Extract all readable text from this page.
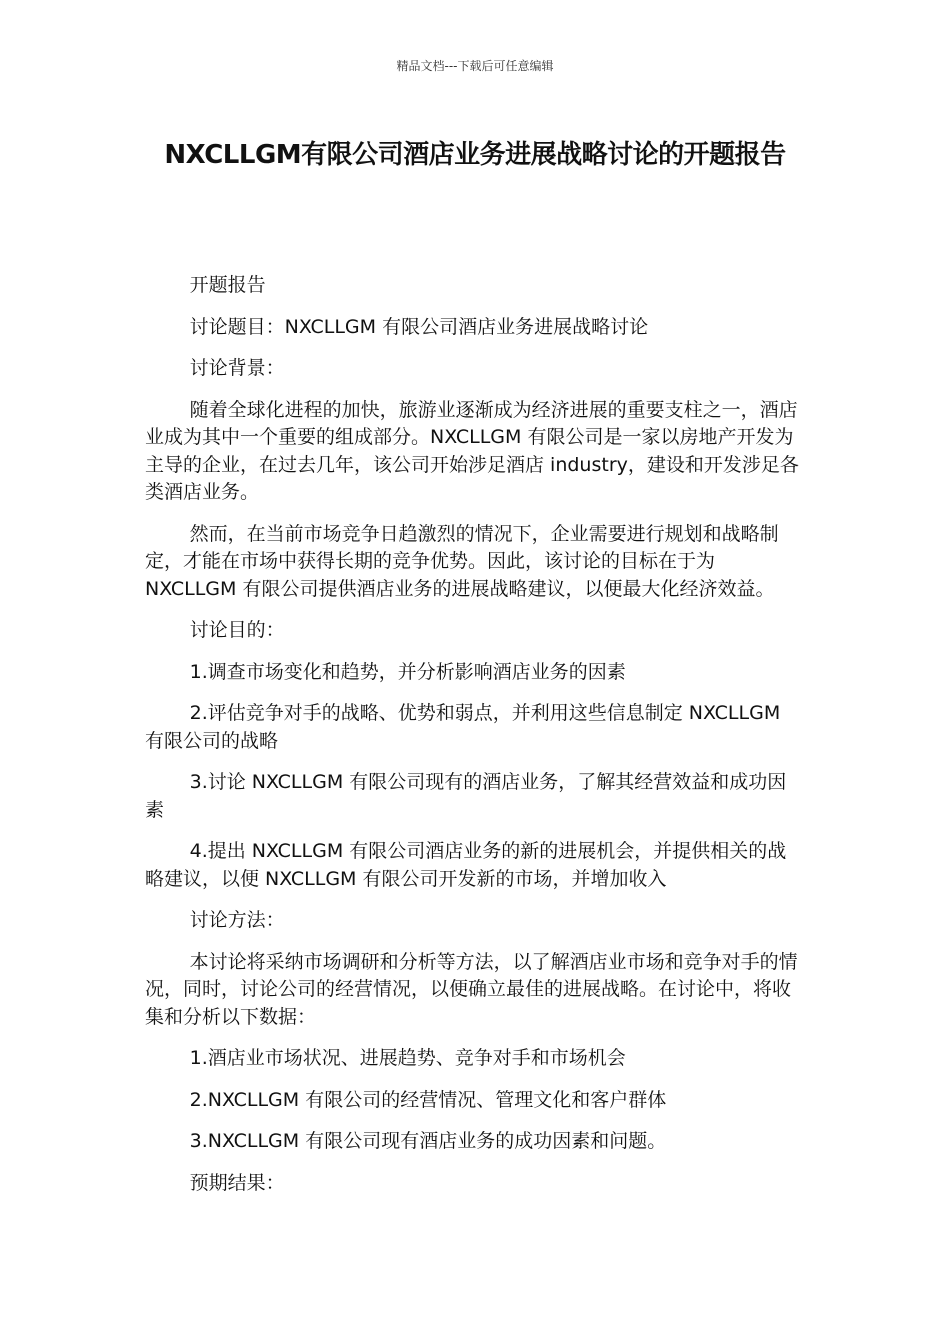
精品文档---下载后可任意编辑
NXCLLGM有限公司酒店业务进展战略讨论的开题报告

开题报告

讨论题目：NXCLLGM 有限公司酒店业务进展战略讨论

讨论背景：

随着全球化进程的加快，旅游业逐渐成为经济进展的重要支柱之一，酒店业成为其中一个重要的组成部分。NXCLLGM 有限公司是一家以房地产开发为主导的企业，在过去几年，该公司开始涉足酒店 industry，建设和开发涉足各类酒店业务。

然而，在当前市场竞争日趋激烈的情况下，企业需要进行规划和战略制定，才能在市场中获得长期的竞争优势。因此，该讨论的目标在于为 NXCLLGM 有限公司提供酒店业务的进展战略建议，以便最大化经济效益。

讨论目的：

1.调查市场变化和趋势，并分析影响酒店业务的因素

2.评估竞争对手的战略、优势和弱点，并利用这些信息制定 NXCLLGM 有限公司的战略

3.讨论 NXCLLGM 有限公司现有的酒店业务，了解其经营效益和成功因素

4.提出 NXCLLGM 有限公司酒店业务的新的进展机会，并提供相关的战略建议，以便 NXCLLGM 有限公司开发新的市场，并增加收入

讨论方法：

本讨论将采纳市场调研和分析等方法，以了解酒店业市场和竞争对手的情况，同时，讨论公司的经营情况，以便确立最佳的进展战略。在讨论中，将收集和分析以下数据：

1.酒店业市场状况、进展趋势、竞争对手和市场机会

2.NXCLLGM 有限公司的经营情况、管理文化和客户群体

3.NXCLLGM 有限公司现有酒店业务的成功因素和问题。

预期结果：
